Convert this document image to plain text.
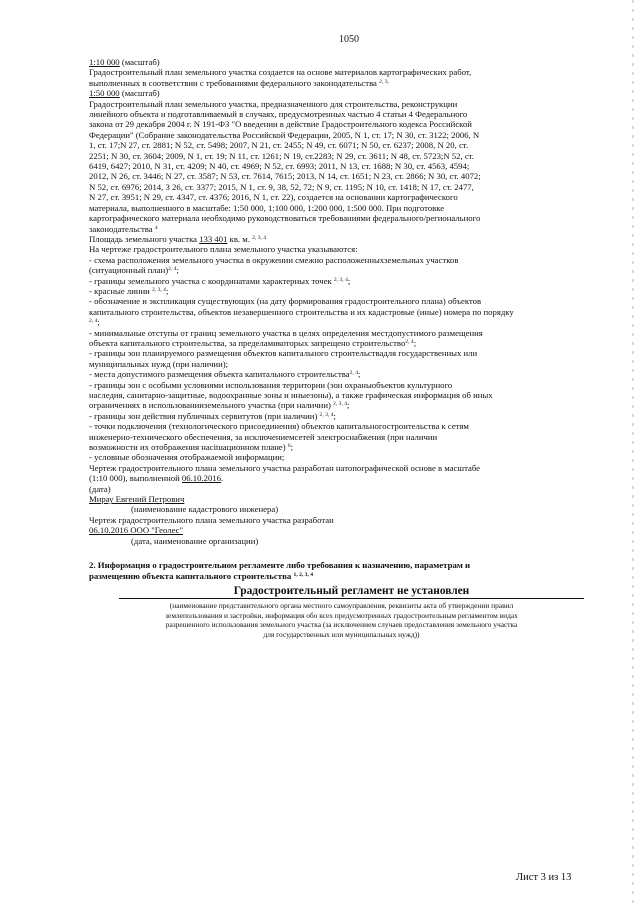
1050
1:10 000 (масштаб)
Градостроительный план земельного участка создается на основе материалов картографических работ,
выполненных в соответствии с требованиями федерального законодательства $^{2, 3,}$
1:50 000 (масштаб)
Градостроительный план земельного участка, предназначенного для строительства, реконструкции
линейного объекта и подготавливаемый в случаях, предусмотренных частью 4 статьи 4 Федерального
закона от 29 декабря 2004 г. N 191-ФЗ "О введении в действие Градостроительного кодекса Российской
Федерации" (Собрание законодательства Российской Федерации, 2005, N 1, ст. 17; N 30, ст. 3122; 2006, N
1, ст. 17;N 27, ст. 2881; N 52, ст. 5498; 2007, N 21, ст. 2455; N 49, ст. 6071; N 50, ст. 6237; 2008, N 20, ст.
2251; N 30, ст. 3604; 2009, N 1, ст. 19; N 11, ст. 1261; N 19, ст.2283; N 29, ст. 3611; N 48, ст. 5723;N 52, ст.
6419, 6427; 2010, N 31, ст. 4209; N 40, ст. 4969; N 52, ст. 6993; 2011, N 13, ст. 1688; N 30, ст. 4563, 4594;
2012, N 26, ст. 3446; N 27, ст. 3587; N 53, ст. 7614, 7615; 2013, N 14, ст. 1651; N 23, ст. 2866; N 30, ст. 4072;
N 52, ст. 6976; 2014, 3 26, ст. 3377; 2015, N 1, ст. 9, 38, 52, 72; N 9, ст. 1195; N 10, ст. 1418; N 17, ст. 2477,
N 27, ст. 3951; N 29, ст. 4347, ст. 4376; 2016, N 1, ст. 22), создается на основании картографического
материала, выполненного в масштабе: 1:50 000, 1:100 000, 1:200 000, 1:500 000. При подготовке
картографического материала необходимо руководствоваться требованиями федерального/регионального
законодательства $^4$
Площадь земельного участка 133 401 кв. м. $^{2, 3, 4}$
На чертеже градостроительного плана земельного участка указываются:
- схема расположения земельного участка в окружении смежно расположенныхземельных участков
(ситуационный план)$^{2, 4}$;
- границы земельного участка с координатами характерных точек $^{2, 3, 4}$;
- красные линии $^{2, 3, 4}$;
- обозначение и экспликация существующих (на дату формирования градостроительного плана) объектов
капитального строительства, объектов незавершенного строительства и их кадастровые (иные) номера по порядку
$^{2, 4}$;
- минимальные отступы от границ земельного участка в целях определения местдопустимого размещения
объекта капитального строительства, за пределамикоторых запрещено строительство$^{2, 4}$;
- границы зон планируемого размещения объектов капитального строительствадля государственных или
муниципальных нужд (при наличии);
- места допустимого размещения объекта капитального строительства$^{2, 4}$;
- границы зон с особыми условиями использования территории (зон охраныобъектов культурного
наследия, санитарно-защитные, водоохранные зоны и иныезоны), а также графическая информация об иных
ограничениях в использованииземельного участка (при наличии) $^{2, 3, 4}$;
- границы зон действия публичных сервитутов (при наличии) $^{2, 3, 4}$;
- точки подключения (технологического присоединения) объектов капитальногостроительства к сетям
инженерно-технического обеспечения, за исключениемсетей электроснабжения (при наличии
возможности их отображения насituационном плане) $^6$;
- условные обозначения отображаемой информации;
Чертеж градостроительного плана земельного участка разработан натопографической основе в масштабе
(1:10 000), выполненной 06.10.2016.
(дата)
Мирау Евгений Петрович
(наименование кадастрового инженера)
Чертеж градостроительного плана земельного участка разработан
06.10.2016 ООО "Геолес"
(дата, наименование организации)
2. Информация о градостроительном регламенте либо требования к назначению, параметрам и
размещению объекта капитального строительства $^{1, 2, 3, 4}$
Градостроительный регламент не установлен
(наименование представительного органа местного самоуправления, реквизиты акта об утверждении правил
землепользования и застройки, информация обо всех предусмотренных градостроительным регламентом видах
разрешенного использования земельного участка (за исключением случаев предоставления земельного участка
для государственных или муниципальных нужд))
Лист 3 из 13
